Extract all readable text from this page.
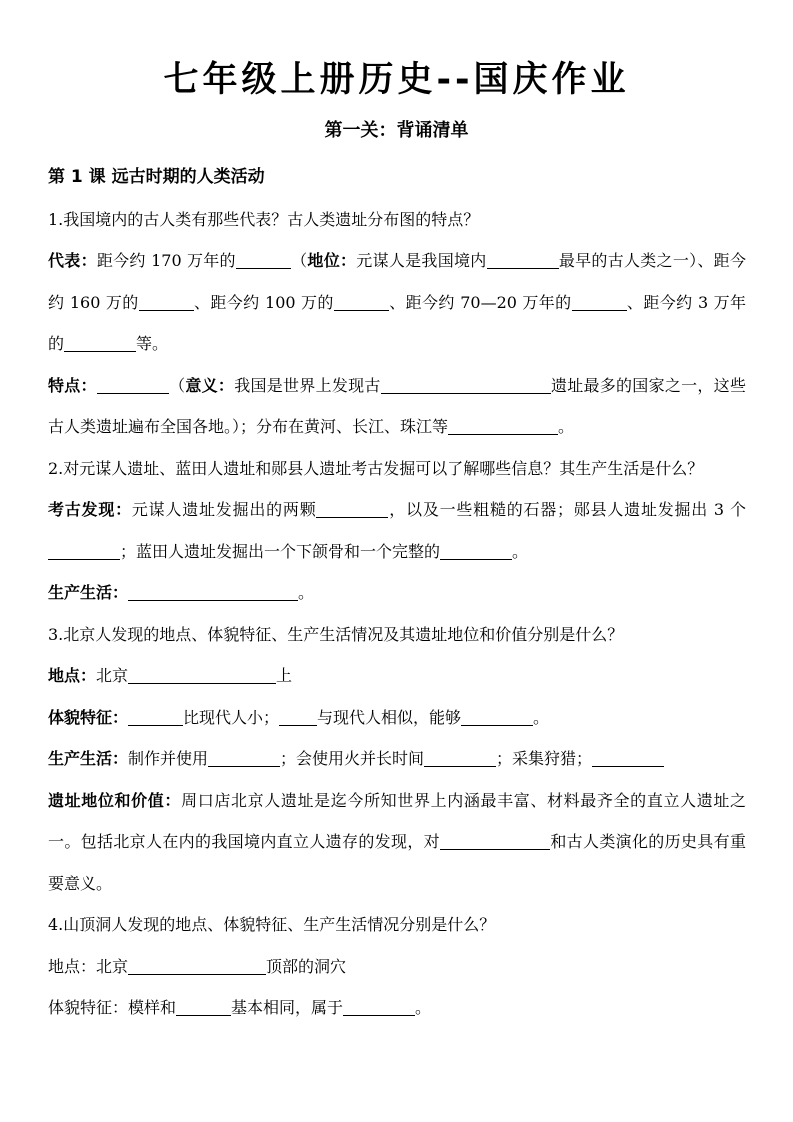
七年级上册历史--国庆作业
第一关：背诵清单

第 1 课 远古时期的人类活动

1.我国境内的古人类有那些代表？古人类遗址分布图的特点？

代表：距今约 170 万年的	（地位：元谋人是我国境内	最早的古人类之一）、距今约 160 万的	、距今约 100 万的	、距今约 70—20 万年的	、距今约 3 万年的	等。

特点：	（意义：我国是世界上发现古	遗址最多的国家之一，这些古人类遗址遍布全国各地。）；分布在黄河、长江、珠江等	。

2.对元谋人遗址、蓝田人遗址和郧县人遗址考古发掘可以了解哪些信息？其生产生活是什么？

考古发现：元谋人遗址发掘出的两颗	，以及一些粗糙的石器；郧县人遗址发掘出 3 个；蓝田人遗址发掘出一个下颌骨和一个完整的	。

生产生活：	。

3.北京人发现的地点、体貌特征、生产生活情况及其遗址地位和价值分别是什么？

地点：北京	上

体貌特征：	比现代人小； 与现代人相似，能够	。

生产生活：制作并使用	；会使用火并长时间	；采集狩猎；

遗址地位和价值：周口店北京人遗址是迄今所知世界上内涵最丰富、材料最齐全的直立人遗址之一。包括北京人在内的我国境内直立人遗存的发现，对	和古人类演化的历史具有重要意义。

4.山顶洞人发现的地点、体貌特征、生产生活情况分别是什么？

地点：北京	顶部的洞穴

体貌特征：模样和	基本相同，属于	。
